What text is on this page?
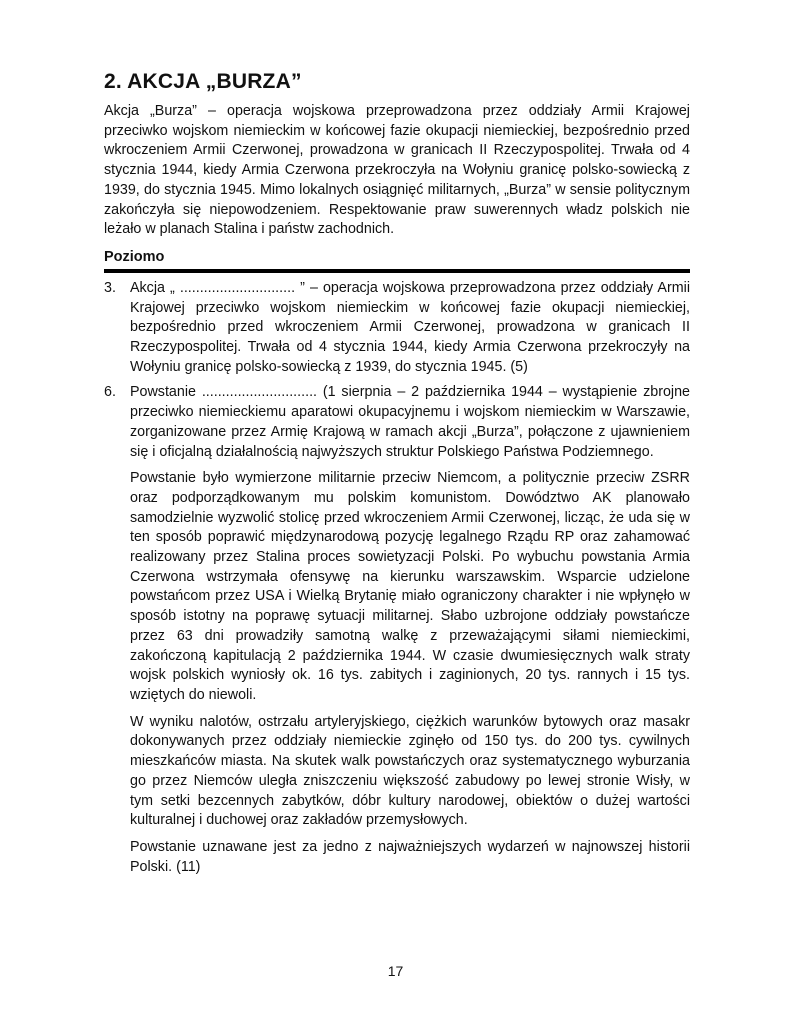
2. AKCJA „BURZA”

Akcja „Burza” – operacja wojskowa przeprowadzona przez oddziały Armii Krajowej przeciwko wojskom niemieckim w końcowej fazie okupacji niemieckiej, bezpośrednio przed wkroczeniem Armii Czerwonej, prowadzona w granicach II Rzeczypospolitej. Trwała od 4 stycznia 1944, kiedy Armia Czerwona przekroczyła na Wołyniu granicę polsko-sowiecką z 1939, do stycznia 1945. Mimo lokalnych osiągnięć militarnych, „Burza” w sensie politycznym zakończyła się niepowodzeniem. Respektowanie praw suwerennych władz polskich nie leżało w planach Stalina i państw zachodnich.

Poziomo
3. Akcja „ ............................. ” – operacja wojskowa przeprowadzona przez oddziały Armii Krajowej przeciwko wojskom niemieckim w końcowej fazie okupacji niemieckiej, bezpośrednio przed wkroczeniem Armii Czerwonej, prowadzona w granicach II Rzeczypospolitej. Trwała od 4 stycznia 1944, kiedy Armia Czerwona przekroczyły na Wołyniu granicę polsko-sowiecką z 1939, do stycznia 1945. (5)

6. Powstanie ............................. (1 sierpnia – 2 października 1944 – wystąpienie zbrojne przeciwko niemieckiemu aparatowi okupacyjnemu i wojskom niemieckim w Warszawie, zorganizowane przez Armię Krajową w ramach akcji „Burza”, połączone z ujawnieniem się i oficjalną działalnością najwyższych struktur Polskiego Państwa Podziemnego.

Powstanie było wymierzone militarnie przeciw Niemcom, a politycznie przeciw ZSRR oraz podporządkowanym mu polskim komunistom. Dowództwo AK planowało samodzielnie wyzwolić stolicę przed wkroczeniem Armii Czerwonej, licząc, że uda się w ten sposób poprawić międzynarodową pozycję legalnego Rządu RP oraz zahamować realizowany przez Stalina proces sowietyzacji Polski. Po wybuchu powstania Armia Czerwona wstrzymała ofensywę na kierunku warszawskim. Wsparcie udzielone powstańcom przez USA i Wielką Brytanię miało ograniczony charakter i nie wpłynęło w sposób istotny na poprawę sytuacji militarnej. Słabo uzbrojone oddziały powstańcze przez 63 dni prowadziły samotną walkę z przeważającymi siłami niemieckimi, zakończoną kapitulacją 2 października 1944. W czasie dwumiesięcznych walk straty wojsk polskich wyniosły ok. 16 tys. zabitych i zaginionych, 20 tys. rannych i 15 tys. wziętych do niewoli.

W wyniku nalotów, ostrzału artyleryjskiego, ciężkich warunków bytowych oraz masakr dokonywanych przez oddziały niemieckie zginęło od 150 tys. do 200 tys. cywilnych mieszkańców miasta. Na skutek walk powstańczych oraz systematycznego wyburzania go przez Niemców uległa zniszczeniu większość zabudowy po lewej stronie Wisły, w tym setki bezcennych zabytków, dóbr kultury narodowej, obiektów o dużej wartości kulturalnej i duchowej oraz zakładów przemysłowych.

Powstanie uznawane jest za jedno z najważniejszych wydarzeń w najnowszej historii Polski. (11)

17
